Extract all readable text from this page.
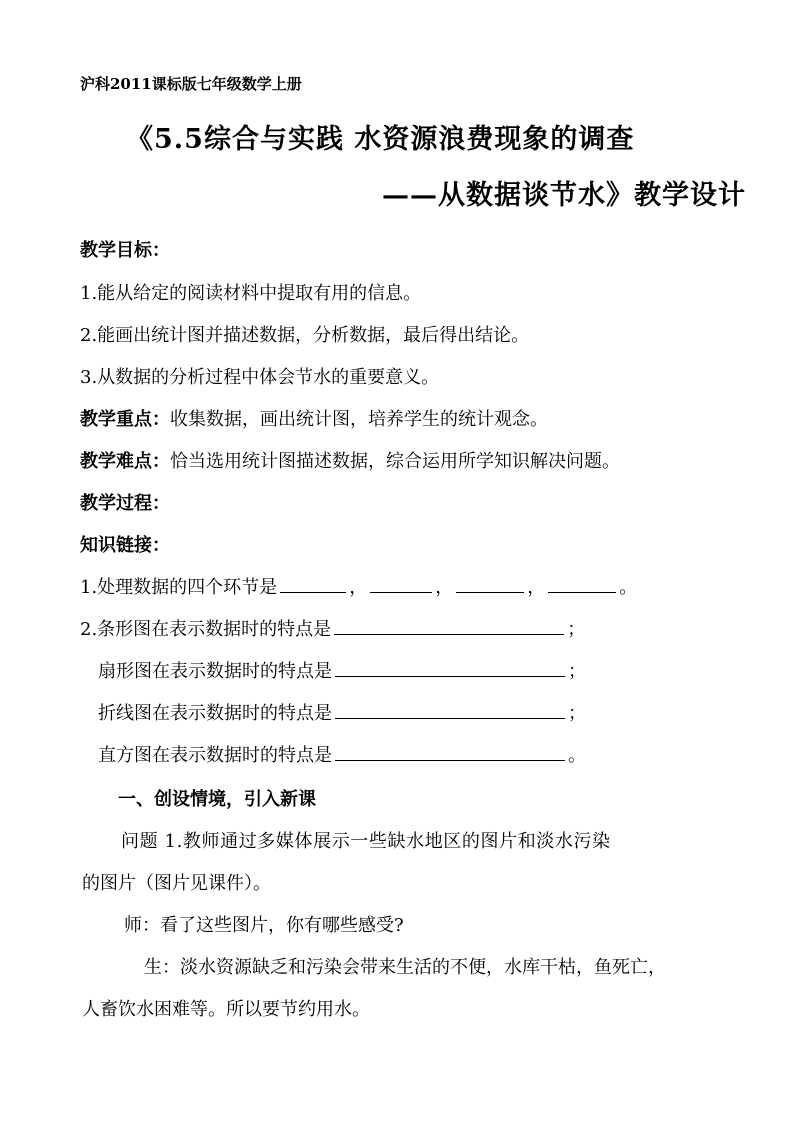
沪科2011课标版七年级数学上册
《5.5综合与实践 水资源浪费现象的调查
——从数据谈节水》教学设计
教学目标：
1.能从给定的阅读材料中提取有用的信息。
2.能画出统计图并描述数据，分析数据，最后得出结论。
3.从数据的分析过程中体会节水的重要意义。
教学重点：收集数据，画出统计图，培养学生的统计观念。
教学难点：恰当选用统计图描述数据，综合运用所学知识解决问题。
教学过程：
知识链接：
1.处理数据的四个环节是	，	，	，	。
2.条形图在表示数据时的特点是	；
扇形图在表示数据时的特点是	；
折线图在表示数据时的特点是	；
直方图在表示数据时的特点是	。
一、创设情境，引入新课
问题 1.教师通过多媒体展示一些缺水地区的图片和淡水污染
的图片（图片见课件）。
师：看了这些图片，你有哪些感受?
生：淡水资源缺乏和污染会带来生活的不便，水库干枯，鱼死亡，
人畜饮水困难等。所以要节约用水。
